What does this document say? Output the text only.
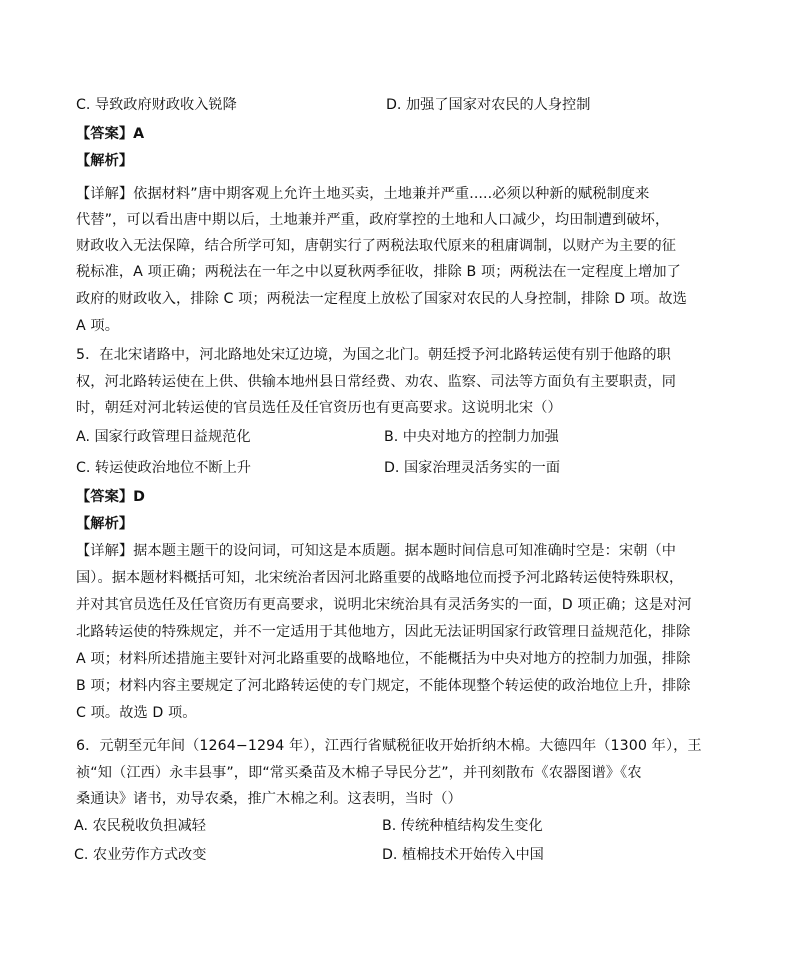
C. 导致政府财政收入锐降	D. 加强了国家对农民的人身控制
【答案】A
【解析】
【详解】依据材料”唐中期客观上允许土地买卖，土地兼并严重.....必须以种新的赋税制度来
代替”，可以看出唐中期以后，土地兼并严重，政府掌控的土地和人口减少，均田制遭到破坏，
财政收入无法保障，结合所学可知，唐朝实行了两税法取代原来的租庸调制，以财产为主要的征
税标准，A 项正确；两税法在一年之中以夏秋两季征收，排除 B 项；两税法在一定程度上增加了
政府的财政收入，排除 C 项；两税法一定程度上放松了国家对农民的人身控制，排除 D 项。故选
A 项。
5．在北宋诸路中，河北路地处宋辽边境，为国之北门。朝廷授予河北路转运使有别于他路的职
权，河北路转运使在上供、供输本地州县日常经费、劝农、监察、司法等方面负有主要职责，同
时，朝廷对河北转运使的官员选任及任官资历也有更高要求。这说明北宋（）
A. 国家行政管理日益规范化	B. 中央对地方的控制力加强
C. 转运使政治地位不断上升	D. 国家治理灵活务实的一面
【答案】D
【解析】
【详解】据本题主题干的设问词，可知这是本质题。据本题时间信息可知准确时空是：宋朝（中
国）。据本题材料概括可知，北宋统治者因河北路重要的战略地位而授予河北路转运使特殊职权，
并对其官员选任及任官资历有更高要求，说明北宋统治具有灵活务实的一面，D 项正确；这是对河
北路转运使的特殊规定，并不一定适用于其他地方，因此无法证明国家行政管理日益规范化，排除
A 项；材料所述措施主要针对河北路重要的战略地位，不能概括为中央对地方的控制力加强，排除
B 项；材料内容主要规定了河北路转运使的专门规定，不能体现整个转运使的政治地位上升，排除
C 项。故选 D 项。
6．元朝至元年间（1264−1294 年），江西行省赋税征收开始折纳木棉。大德四年（1300 年），王
祯“知（江西）永丰县事”，即“常买桑苗及木棉子导民分艺”，并刊刻散布《农器图谱》《农
桑通诀》诸书，劝导农桑，推广木棉之利。这表明，当时（）
A. 农民税收负担减轻	B. 传统种植结构发生变化
C. 农业劳作方式改变	D. 植棉技术开始传入中国
